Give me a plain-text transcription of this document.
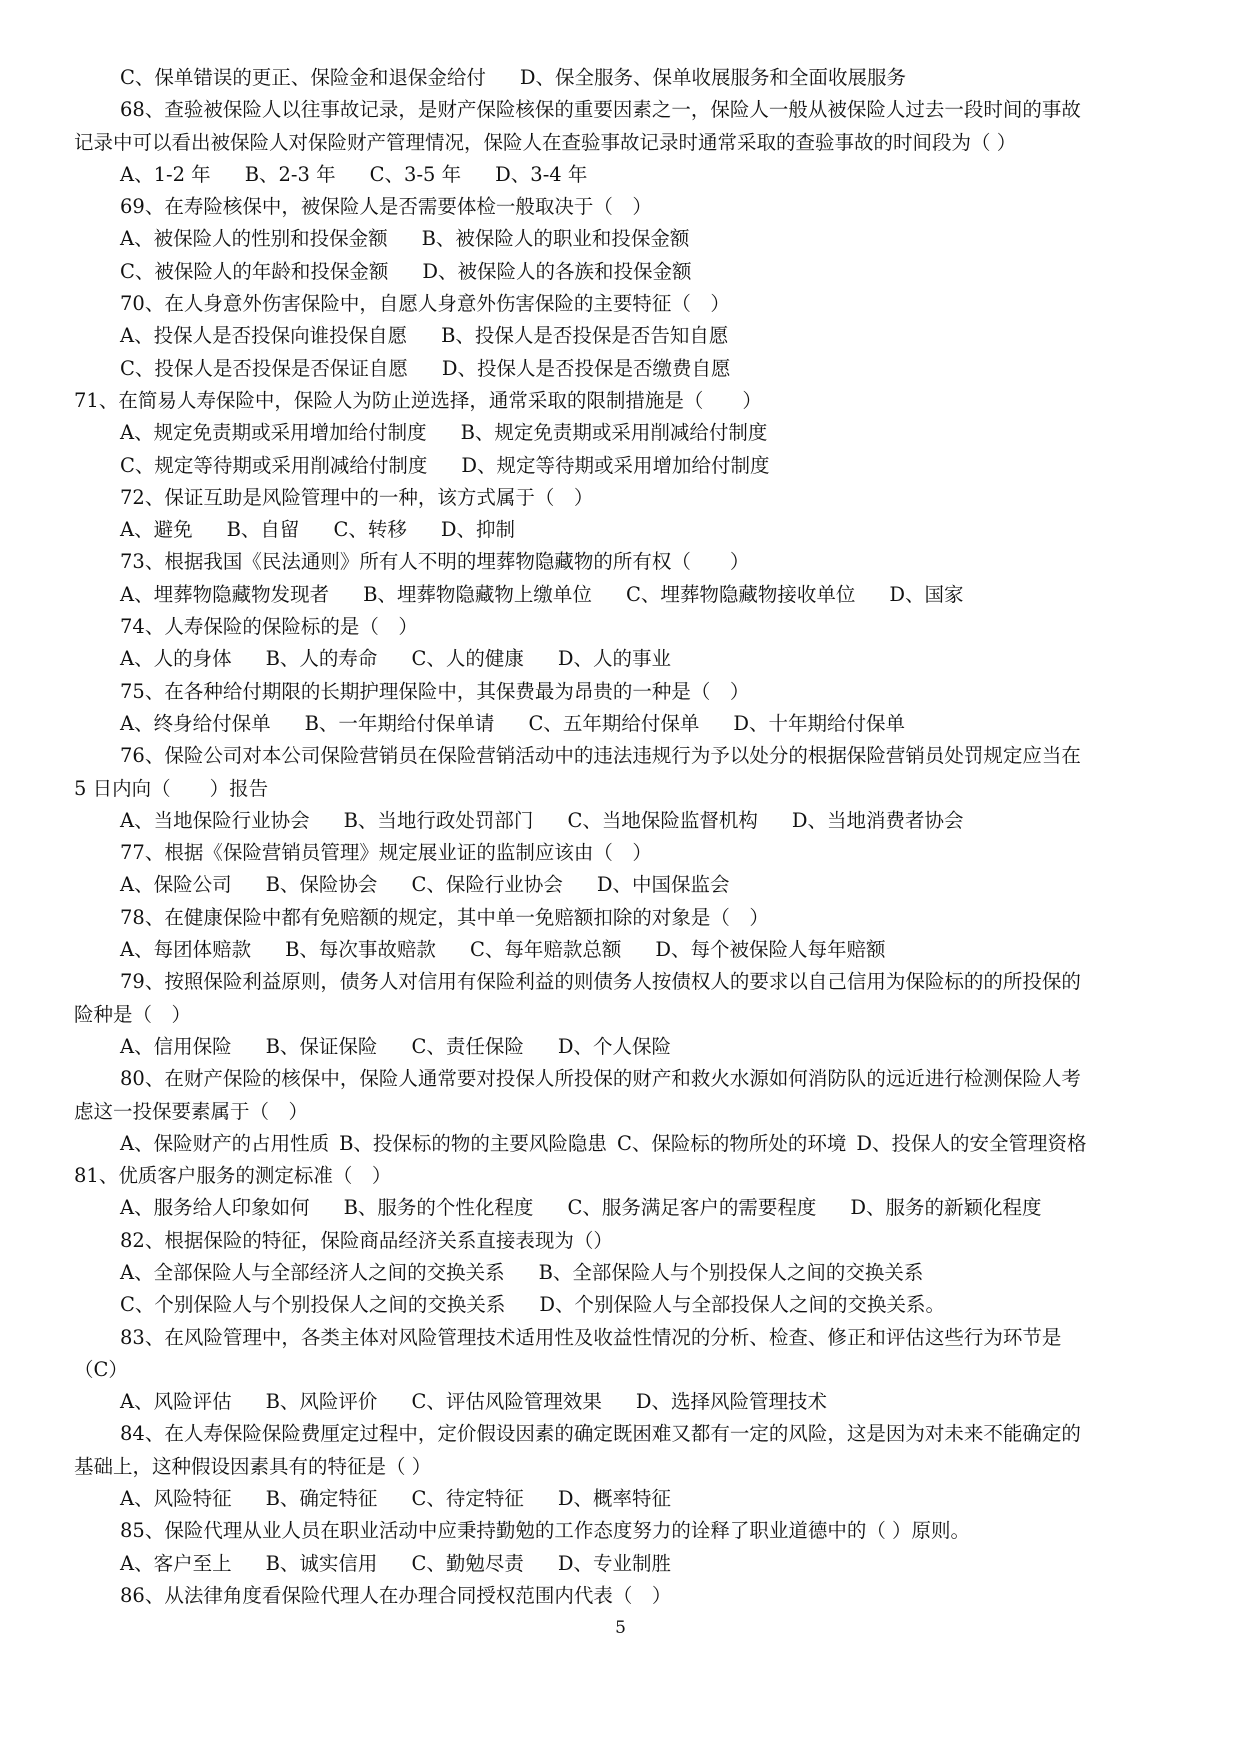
C、保单错误的更正、保险金和退保金给付 D、保全服务、保单收展服务和全面收展服务
68、查验被保险人以往事故记录，是财产保险核保的重要因素之一，保险人一般从被保险人过去一段时间的事故
记录中可以看出被保险人对保险财产管理情况，保险人在查验事故记录时通常采取的查验事故的时间段为（ ）
A、1-2 年 B、2-3 年 C、3-5 年 D、3-4 年
69、在寿险核保中，被保险人是否需要体检一般取决于（　）
A、被保险人的性别和投保金额 B、被保险人的职业和投保金额
C、被保险人的年龄和投保金额 D、被保险人的各族和投保金额
70、在人身意外伤害保险中，自愿人身意外伤害保险的主要特征（　）
A、投保人是否投保向谁投保自愿 B、投保人是否投保是否告知自愿
C、投保人是否投保是否保证自愿 D、投保人是否投保是否缴费自愿
71、在简易人寿保险中，保险人为防止逆选择，通常采取的限制措施是（　　）
A、规定免责期或采用增加给付制度 B、规定免责期或采用削减给付制度
C、规定等待期或采用削减给付制度 D、规定等待期或采用增加给付制度
72、保证互助是风险管理中的一种，该方式属于（　）
A、避免 B、自留 C、转移 D、抑制
73、根据我国《民法通则》所有人不明的埋葬物隐藏物的所有权（　　）
A、埋葬物隐藏物发现者 B、埋葬物隐藏物上缴单位 C、埋葬物隐藏物接收单位 D、国家
74、人寿保险的保险标的是（　）
A、人的身体 B、人的寿命 C、人的健康 D、人的事业
75、在各种给付期限的长期护理保险中，其保费最为昂贵的一种是（　）
A、终身给付保单 B、一年期给付保单请 C、五年期给付保单 D、十年期给付保单
76、保险公司对本公司保险营销员在保险营销活动中的违法违规行为予以处分的根据保险营销员处罚规定应当在
5 日内向（　　）报告
A、当地保险行业协会 B、当地行政处罚部门 C、当地保险监督机构 D、当地消费者协会
77、根据《保险营销员管理》规定展业证的监制应该由（　）
A、保险公司 B、保险协会 C、保险行业协会 D、中国保监会
78、在健康保险中都有免赔额的规定，其中单一免赔额扣除的对象是（　）
A、每团体赔款 B、每次事故赔款 C、每年赔款总额 D、每个被保险人每年赔额
79、按照保险利益原则，债务人对信用有保险利益的则债务人按债权人的要求以自己信用为保险标的的所投保的
险种是（　）
A、信用保险 B、保证保险 C、责任保险 D、个人保险
80、在财产保险的核保中，保险人通常要对投保人所投保的财产和救火水源如何消防队的远近进行检测保险人考
虑这一投保要素属于（　）
A、保险财产的占用性质 B、投保标的物的主要风险隐患 C、保险标的物所处的环境 D、投保人的安全管理资格
81、优质客户服务的测定标准（　）
A、服务给人印象如何 B、服务的个性化程度 C、服务满足客户的需要程度 D、服务的新颖化程度
82、根据保险的特征，保险商品经济关系直接表现为（）
A、全部保险人与全部经济人之间的交换关系 B、全部保险人与个别投保人之间的交换关系
C、个别保险人与个别投保人之间的交换关系 D、个别保险人与全部投保人之间的交换关系。
83、在风险管理中，各类主体对风险管理技术适用性及收益性情况的分析、检查、修正和评估这些行为环节是
（C）
A、风险评估 B、风险评价 C、评估风险管理效果 D、选择风险管理技术
84、在人寿保险保险费厘定过程中，定价假设因素的确定既困难又都有一定的风险，这是因为对未来不能确定的
基础上，这种假设因素具有的特征是（ ）
A、风险特征 B、确定特征 C、待定特征 D、概率特征
85、保险代理从业人员在职业活动中应秉持勤勉的工作态度努力的诠释了职业道德中的（ ）原则。
A、客户至上 B、诚实信用 C、勤勉尽责 D、专业制胜
86、从法律角度看保险代理人在办理合同授权范围内代表（　）
5
